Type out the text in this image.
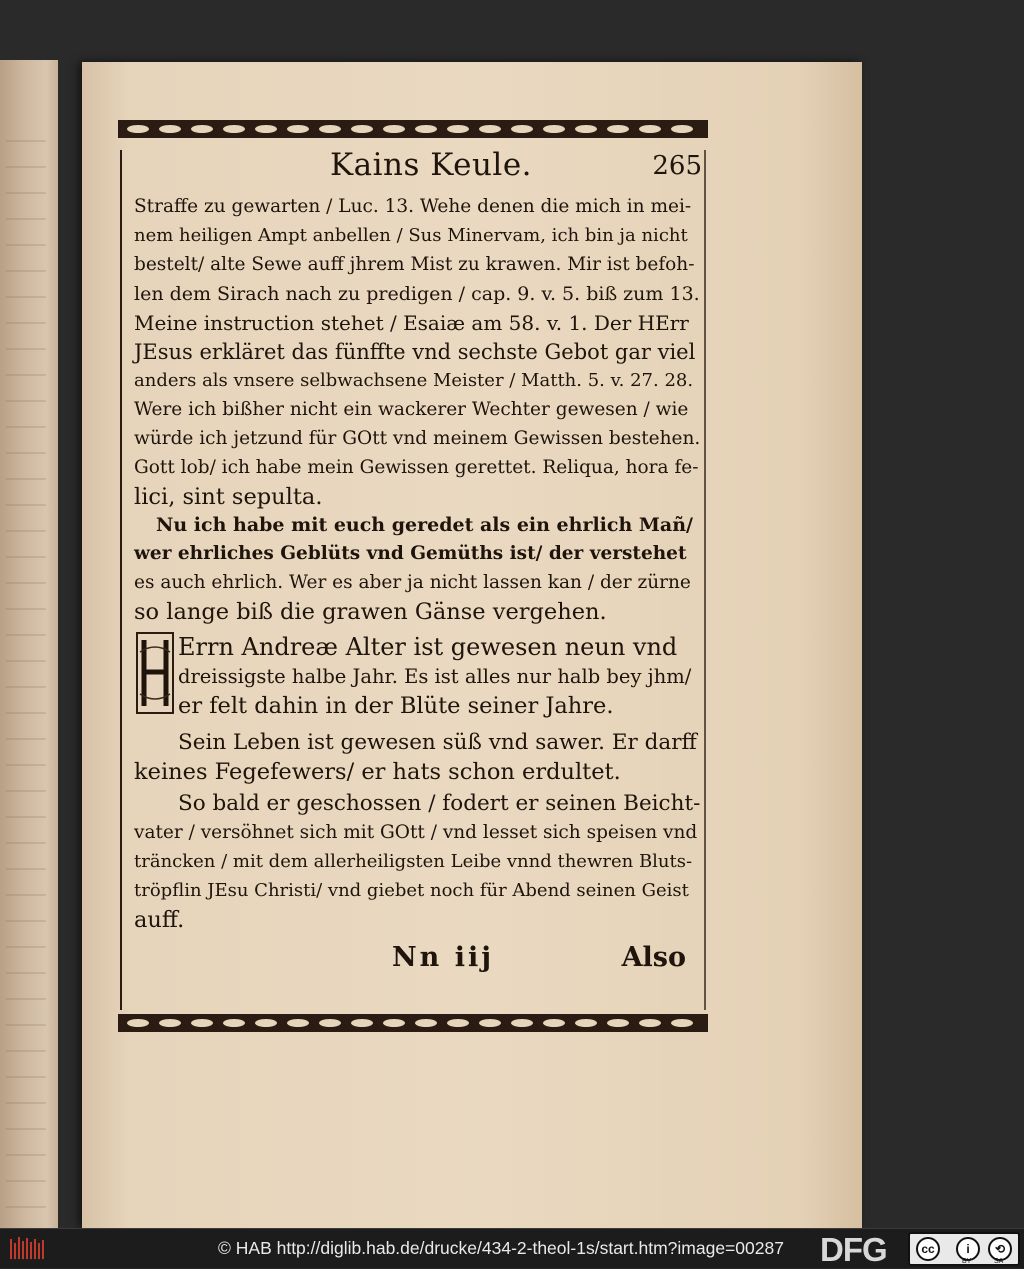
Kains Keule.	265
Straffe zu gewarten / Luc. 13. Wehe denen die mich in mei-
nem heiligen Ampt anbellen / Sus Minervam, ich bin ja nicht
bestelt/ alte Sewe auff jhrem Mist zu krawen. Mir ist befoh-
len dem Sirach nach zu predigen / cap. 9. v. 5. biß zum 13.
Meine instruction stehet / Esaiæ am 58. v. 1. Der HErr
JEsus erkläret das fünffte vnd sechste Gebot gar viel
anders als vnsere selbwachsene Meister / Matth. 5. v. 27. 28.
Were ich bißher nicht ein wackerer Wechter gewesen / wie
würde ich jetzund für GOtt vnd meinem Gewissen bestehen.
Gott lob/ ich habe mein Gewissen gerettet. Reliqua, hora fe-
lici, sint sepulta.
Nu ich habe mit euch geredet als ein ehrlich Mañ/
wer ehrliches Geblüts vnd Gemüths ist/ der verstehet
es auch ehrlich. Wer es aber ja nicht lassen kan / der zürne
so lange biß die grawen Gänse vergehen.
Errn Andreæ Alter ist gewesen neun vnd
dreissigste halbe Jahr. Es ist alles nur halb bey jhm/
er felt dahin in der Blüte seiner Jahre.
Sein Leben ist gewesen süß vnd sawer. Er darff
keines Fegefewers/ er hats schon erdultet.
So bald er geschossen / fodert er seinen Beicht-
vater / versöhnet sich mit GOtt / vnd lesset sich speisen vnd
träncken / mit dem allerheiligsten Leibe vnnd thewren Bluts-
tröpflin JEsu Christi/ vnd giebet noch für Abend seinen Geist
auff.
Nn iij	Also
© HAB http://diglib.hab.de/drucke/434-2-theol-1s/start.htm?image=00287 DFG	cc	i	⟲
BY	SA
